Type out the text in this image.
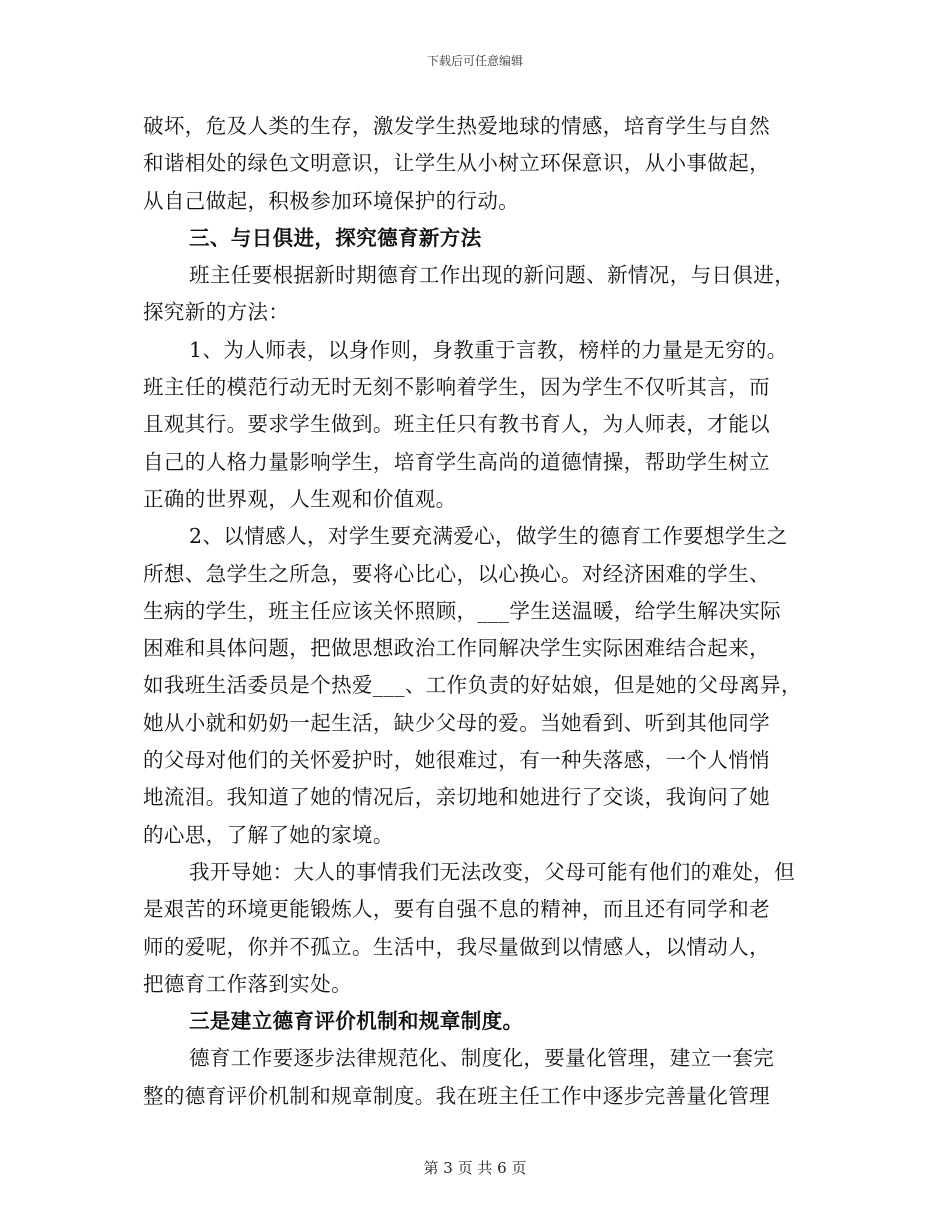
下载后可任意编辑
破坏，危及人类的生存，激发学生热爱地球的情感，培育学生与自然
和谐相处的绿色文明意识，让学生从小树立环保意识，从小事做起，
从自己做起，积极参加环境保护的行动。
三、与日俱进，探究德育新方法
班主任要根据新时期德育工作出现的新问题、新情况，与日俱进，
探究新的方法：
1、为人师表，以身作则，身教重于言教，榜样的力量是无穷的。
班主任的模范行动无时无刻不影响着学生，因为学生不仅听其言，而
且观其行。要求学生做到。班主任只有教书育人，为人师表，才能以
自己的人格力量影响学生，培育学生高尚的道德情操，帮助学生树立
正确的世界观，人生观和价值观。
2、以情感人，对学生要充满爱心，做学生的德育工作要想学生之
所想、急学生之所急，要将心比心，以心换心。对经济困难的学生、
生病的学生，班主任应该关怀照顾，___学生送温暖，给学生解决实际
困难和具体问题，把做思想政治工作同解决学生实际困难结合起来，
如我班生活委员是个热爱___、工作负责的好姑娘，但是她的父母离异，
她从小就和奶奶一起生活，缺少父母的爱。当她看到、听到其他同学
的父母对他们的关怀爱护时，她很难过，有一种失落感，一个人悄悄
地流泪。我知道了她的情况后，亲切地和她进行了交谈，我询问了她
的心思，了解了她的家境。
我开导她：大人的事情我们无法改变，父母可能有他们的难处，但
是艰苦的环境更能锻炼人，要有自强不息的精神，而且还有同学和老
师的爱呢，你并不孤立。生活中，我尽量做到以情感人，以情动人，
把德育工作落到实处。
三是建立德育评价机制和规章制度。
德育工作要逐步法律规范化、制度化，要量化管理，建立一套完
整的德育评价机制和规章制度。我在班主任工作中逐步完善量化管理
第 3 页 共 6 页
